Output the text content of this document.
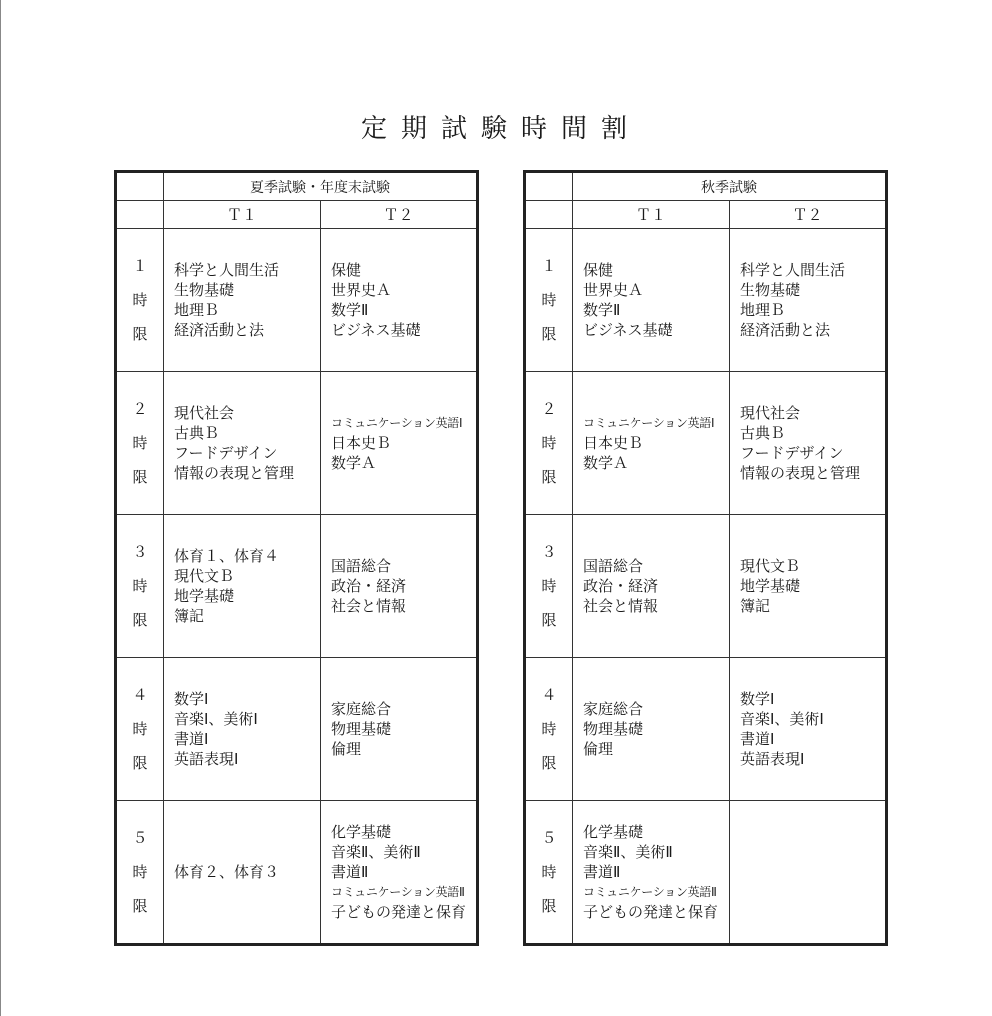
定期試験時間割
	夏季試験・年度末試験	
	Ｔ１	Ｔ２

１
時
限	科学と人間生活
生物基礎
地理Ｂ
経済活動と法	保健
世界史Ａ
数学Ⅱ
ビジネス基礎

２
時
限	現代社会
古典Ｂ
フードデザイン
情報の表現と管理	コミュニケーション英語Ⅰ
日本史Ｂ
数学Ａ

３
時
限	体育１、体育４
現代文Ｂ
地学基礎
簿記	国語総合
政治・経済
社会と情報

４
時
限	数学Ⅰ
音楽Ⅰ、美術Ⅰ
書道Ⅰ
英語表現Ⅰ	家庭総合
物理基礎
倫理

５
時
限	体育２、体育３	化学基礎
音楽Ⅱ、美術Ⅱ
書道Ⅱ
コミュニケーション英語Ⅱ
子どもの発達と保育
	秋季試験	
	Ｔ１	Ｔ２

１
時
限	保健
世界史Ａ
数学Ⅱ
ビジネス基礎	科学と人間生活
生物基礎
地理Ｂ
経済活動と法

２
時
限	コミュニケーション英語Ⅰ
日本史Ｂ
数学Ａ	現代社会
古典Ｂ
フードデザイン
情報の表現と管理

３
時
限	国語総合
政治・経済
社会と情報	現代文Ｂ
地学基礎
簿記

４
時
限	家庭総合
物理基礎
倫理	数学Ⅰ
音楽Ⅰ、美術Ⅰ
書道Ⅰ
英語表現Ⅰ

５
時
限	化学基礎
音楽Ⅱ、美術Ⅱ
書道Ⅱ
コミュニケーション英語Ⅱ
子どもの発達と保育	
